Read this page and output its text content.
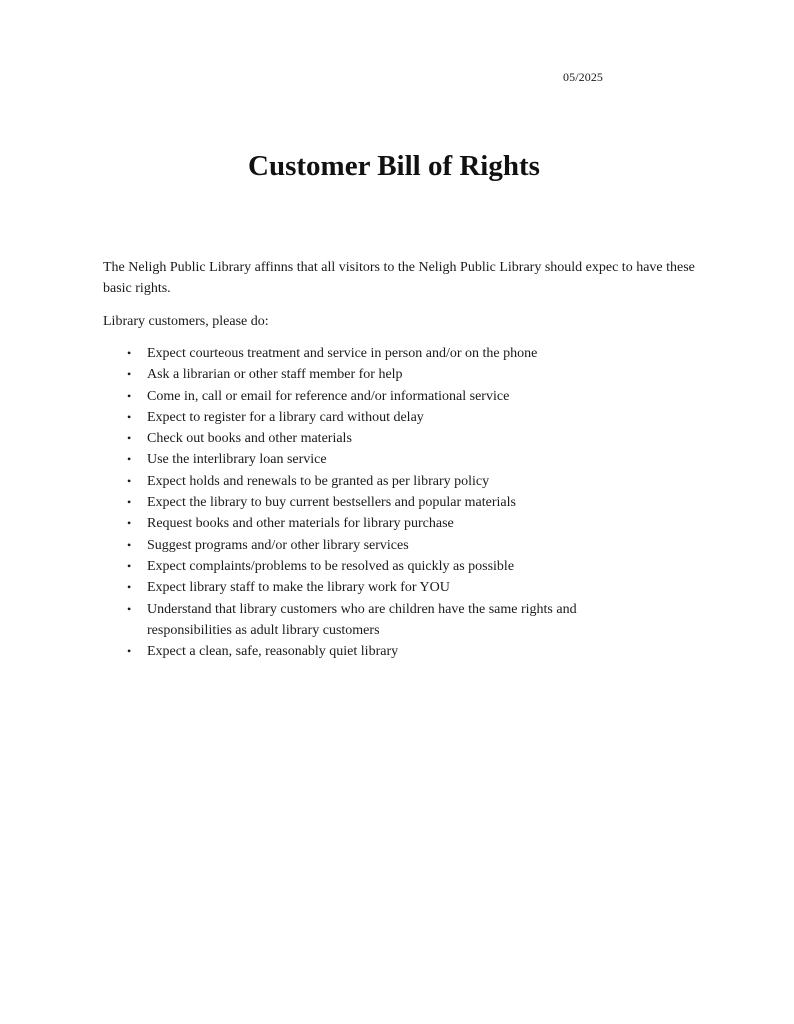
05/2025
Customer Bill of Rights

The Neligh Public Library affinns that all visitors to the Neligh Public Library should expec to have these basic rights.

Library customers, please do:

• Expect courteous treatment and service in person and/or on the phone
• Ask a librarian or other staff member for help
• Come in, call or email for reference and/or informational service
• Expect to register for a library card without delay
• Check out books and other materials
• Use the interlibrary loan service
• Expect holds and renewals to be granted as per library policy
• Expect the library to buy current bestsellers and popular materials
• Request books and other materials for library purchase
• Suggest programs and/or other library services
• Expect complaints/problems to be resolved as quickly as possible
• Expect library staff to make the library work for YOU
• Understand that library customers who are children have the same rights and responsibilities as adult library customers
• Expect a clean, safe, reasonably quiet library
